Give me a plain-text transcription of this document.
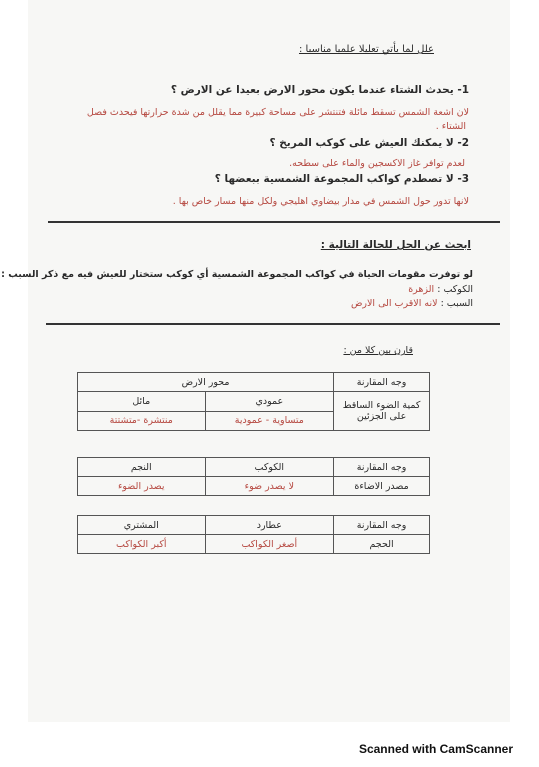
علل لما يأتي تعليلا علميا مناسبا :
1- يحدث الشتاء عندما يكون محور الارض بعيدا عن الارض ؟
لان اشعة الشمس تسقط مائلة فتنتشر على مساحة كبيرة مما يقلل من شدة حرارتها فيحدث فصل
الشتاء .
2- لا يمكنك العيش على كوكب المريخ ؟
لعدم توافر غاز الاكسجين والماء على سطحه.
3- لا تصطدم كواكب المجموعة الشمسية ببعضها ؟
لانها تدور حول الشمس في مدار بيضاوي اهليجي ولكل منها مسار خاص بها .
ابحث عن الحل للحالة التالية :
لو توفرت مقومات الحياة في كواكب المجموعة الشمسية أي كوكب ستختار للعيش فيه مع ذكر السبب :
الكوكب : الزهرة
السبب : لانه الاقرب الى الارض
قارن بين كلا من :
وجه المقارنة	محور الارض	
كمية الضوء الساقط على الجزئين	عمودي	مائل
	متساوية - عمودية	منتشرة -متشتتة
وجه المقارنة	الكوكب	النجم
مصدر الاضاءة	لا يصدر ضوء	يصدر الضوء
وجه المقارنة	عطارد	المشتري
الحجم	أصغر الكواكب	أكبر الكواكب
Scanned with CamScanner
